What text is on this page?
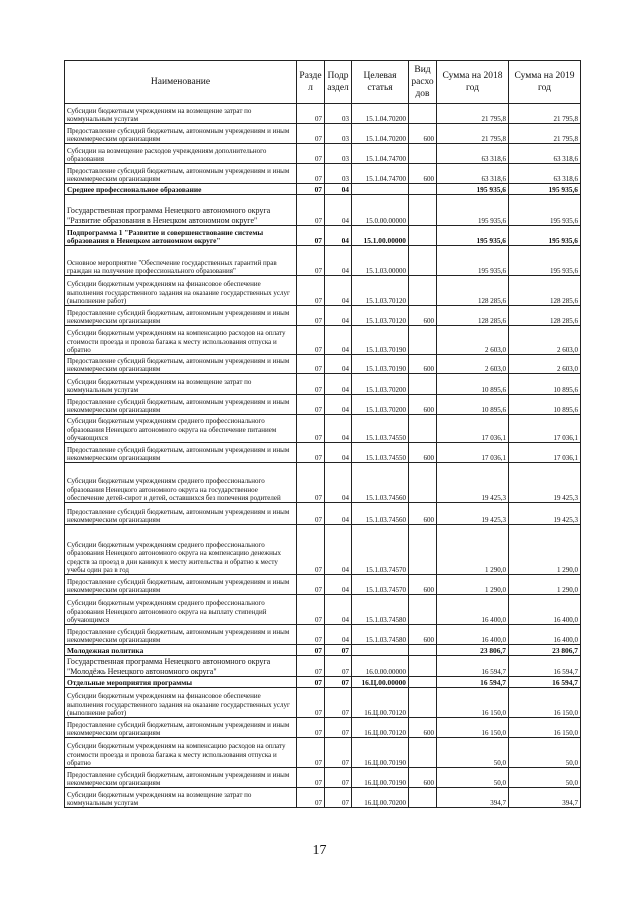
Наименование	Разде л	Подр аздел	Целевая статья	Вид расхо дов	Сумма на 2018 год	Сумма на 2019 год
Субсидии бюджетным учреждениям на возмещение затрат по коммунальным услугам	07	03	15.1.04.70200		21 795,8	21 795,8
Предоставление субсидий бюджетным, автономным учреждениям и иным некоммерческим организациям	07	03	15.1.04.70200	600	21 795,8	21 795,8
Субсидии на возмещение расходов учреждениям дополнительного образования	07	03	15.1.04.74700		63 318,6	63 318,6
Предоставление субсидий бюджетным, автономным учреждениям и иным некоммерческим организациям	07	03	15.1.04.74700	600	63 318,6	63 318,6
Среднее профессиональное образование	07	04			195 935,6	195 935,6
Государственная программа Ненецкого автономного округа "Развитие образования в Ненецком автономном округе"	07	04	15.0.00.00000		195 935,6	195 935,6
Подпрограмма 1 "Развитие и совершенствование системы образования в Ненецком автономном округе"	07	04	15.1.00.00000		195 935,6	195 935,6
Основное мероприятие "Обеспечение государственных гарантий прав граждан на получение профессионального образования"	07	04	15.1.03.00000		195 935,6	195 935,6
Субсидии бюджетным учреждениям на финансовое обеспечение выполнения государственного задания на оказание государственных услуг (выполнение работ)	07	04	15.1.03.70120		128 285,6	128 285,6
Предоставление субсидий бюджетным, автономным учреждениям и иным некоммерческим организациям	07	04	15.1.03.70120	600	128 285,6	128 285,6
Субсидии бюджетным учреждениям на компенсацию расходов на оплату стоимости проезда и провоза багажа к месту использования отпуска и обратно	07	04	15.1.03.70190		2 603,0	2 603,0
Предоставление субсидий бюджетным, автономным учреждениям и иным некоммерческим организациям	07	04	15.1.03.70190	600	2 603,0	2 603,0
Субсидии бюджетным учреждениям на возмещение затрат по коммунальным услугам	07	04	15.1.03.70200		10 895,6	10 895,6
Предоставление субсидий бюджетным, автономным учреждениям и иным некоммерческим организациям	07	04	15.1.03.70200	600	10 895,6	10 895,6
Субсидии бюджетным учреждениям среднего профессионального образования Ненецкого автономного округа на обеспечение питанием обучающихся	07	04	15.1.03.74550		17 036,1	17 036,1
Предоставление субсидий бюджетным, автономным учреждениям и иным некоммерческим организациям	07	04	15.1.03.74550	600	17 036,1	17 036,1
Субсидии бюджетным учреждениям среднего профессионального образования Ненецкого автономного округа на государственное обеспечение детей-сирот и детей, оставшихся без попечения родителей	07	04	15.1.03.74560		19 425,3	19 425,3
Предоставление субсидий бюджетным, автономным учреждениям и иным некоммерческим организациям	07	04	15.1.03.74560	600	19 425,3	19 425,3
Субсидии бюджетным учреждениям среднего профессионального образования Ненецкого автономного округа на компенсацию денежных средств за проезд в дни каникул к месту жительства и обратно к месту учебы один раз в год	07	04	15.1.03.74570		1 290,0	1 290,0
Предоставление субсидий бюджетным, автономным учреждениям и иным некоммерческим организациям	07	04	15.1.03.74570	600	1 290,0	1 290,0
Субсидии бюджетным учреждениям среднего профессионального образования Ненецкого автономного округа на выплату стипендий обучающимся	07	04	15.1.03.74580		16 400,0	16 400,0
Предоставление субсидий бюджетным, автономным учреждениям и иным некоммерческим организациям	07	04	15.1.03.74580	600	16 400,0	16 400,0
Молодежная политика	07	07			23 806,7	23 806,7
Государственная программа Ненецкого автономного округа "Молодёжь Ненецкого автономного округа"	07	07	16.0.00.00000		16 594,7	16 594,7
Отдельные мероприятия программы	07	07	16.Ц.00.00000		16 594,7	16 594,7
Субсидии бюджетным учреждениям на финансовое обеспечение выполнения государственного задания на оказание государственных услуг (выполнение работ)	07	07	16.Ц.00.70120		16 150,0	16 150,0
Предоставление субсидий бюджетным, автономным учреждениям и иным некоммерческим организациям	07	07	16.Ц.00.70120	600	16 150,0	16 150,0
Субсидии бюджетным учреждениям на компенсацию расходов на оплату стоимости проезда и провоза багажа к месту использования отпуска и обратно	07	07	16.Ц.00.70190		50,0	50,0
Предоставление субсидий бюджетным, автономным учреждениям и иным некоммерческим организациям	07	07	16.Ц.00.70190	600	50,0	50,0
Субсидии бюджетным учреждениям на возмещение затрат по коммунальным услугам	07	07	16.Ц.00.70200		394,7	394,7
17
